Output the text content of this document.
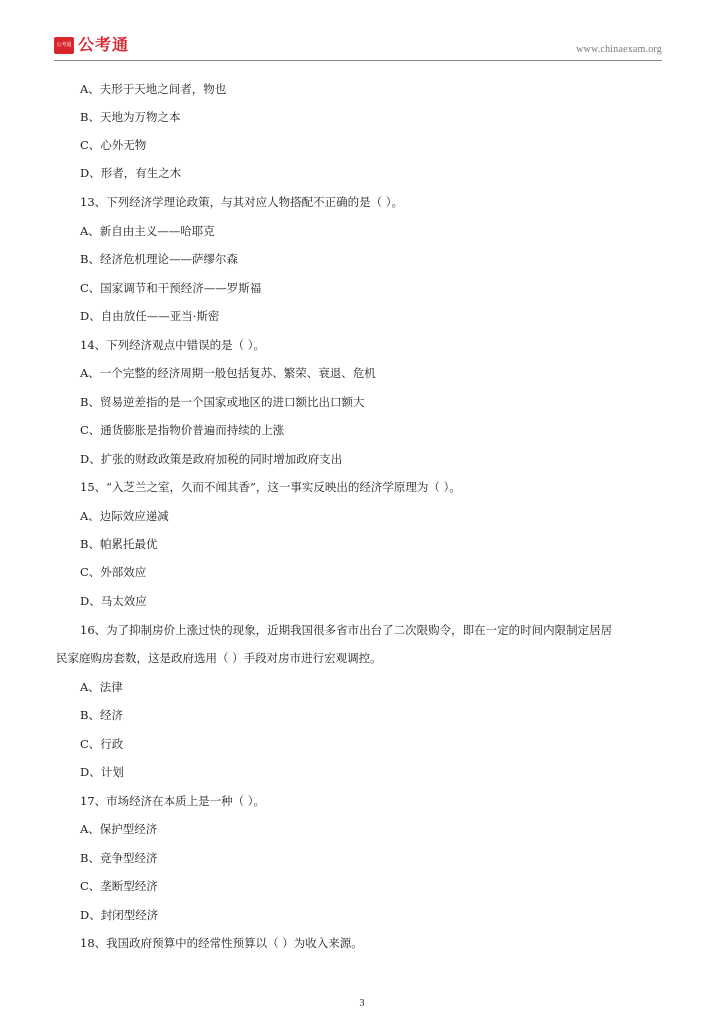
公考通 公考通	www.chinaexam.org
A、夫形于天地之间者，物也
B、天地为万物之本
C、心外无物
D、形者，有生之木
13、下列经济学理论政策，与其对应人物搭配不正确的是（ ）。
A、新自由主义——哈耶克
B、经济危机理论——萨缪尔森
C、国家调节和干预经济——罗斯福
D、自由放任——亚当·斯密
14、下列经济观点中错误的是（ ）。
A、一个完整的经济周期一般包括复苏、繁荣、衰退、危机
B、贸易逆差指的是一个国家或地区的进口额比出口额大
C、通货膨胀是指物价普遍而持续的上涨
D、扩张的财政政策是政府加税的同时增加政府支出
15、“入芝兰之室，久而不闻其香”，这一事实反映出的经济学原理为（ ）。
A、边际效应递减
B、帕累托最优
C、外部效应
D、马太效应
16、为了抑制房价上涨过快的现象，近期我国很多省市出台了二次限购令，即在一定的时间内限制定居居
民家庭购房套数，这是政府选用（ ）手段对房市进行宏观调控。
A、法律
B、经济
C、行政
D、计划
17、市场经济在本质上是一种（ ）。
A、保护型经济
B、竞争型经济
C、垄断型经济
D、封闭型经济
18、我国政府预算中的经常性预算以（ ）为收入来源。
3
